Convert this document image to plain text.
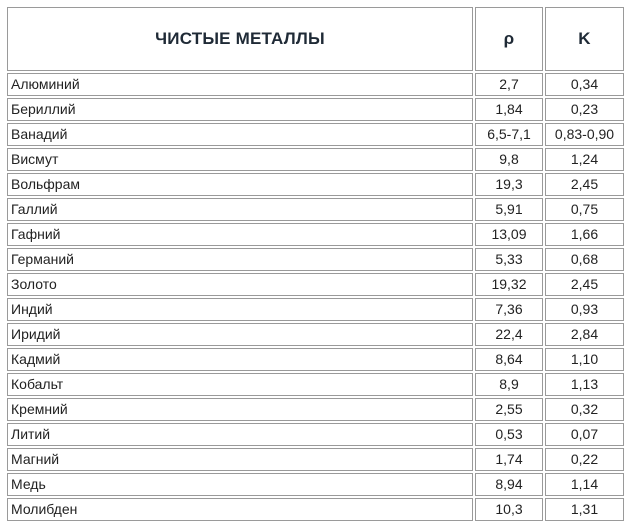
ЧИСТЫЕ МЕТАЛЛЫ	ρ	K
Алюминий	2,7	0,34
Бериллий	1,84	0,23
Ванадий	6,5-7,1	0,83-0,90
Висмут	9,8	1,24
Вольфрам	19,3	2,45
Галлий	5,91	0,75
Гафний	13,09	1,66
Германий	5,33	0,68
Золото	19,32	2,45
Индий	7,36	0,93
Иридий	22,4	2,84
Кадмий	8,64	1,10
Кобальт	8,9	1,13
Кремний	2,55	0,32
Литий	0,53	0,07
Магний	1,74	0,22
Медь	8,94	1,14
Молибден	10,3	1,31
